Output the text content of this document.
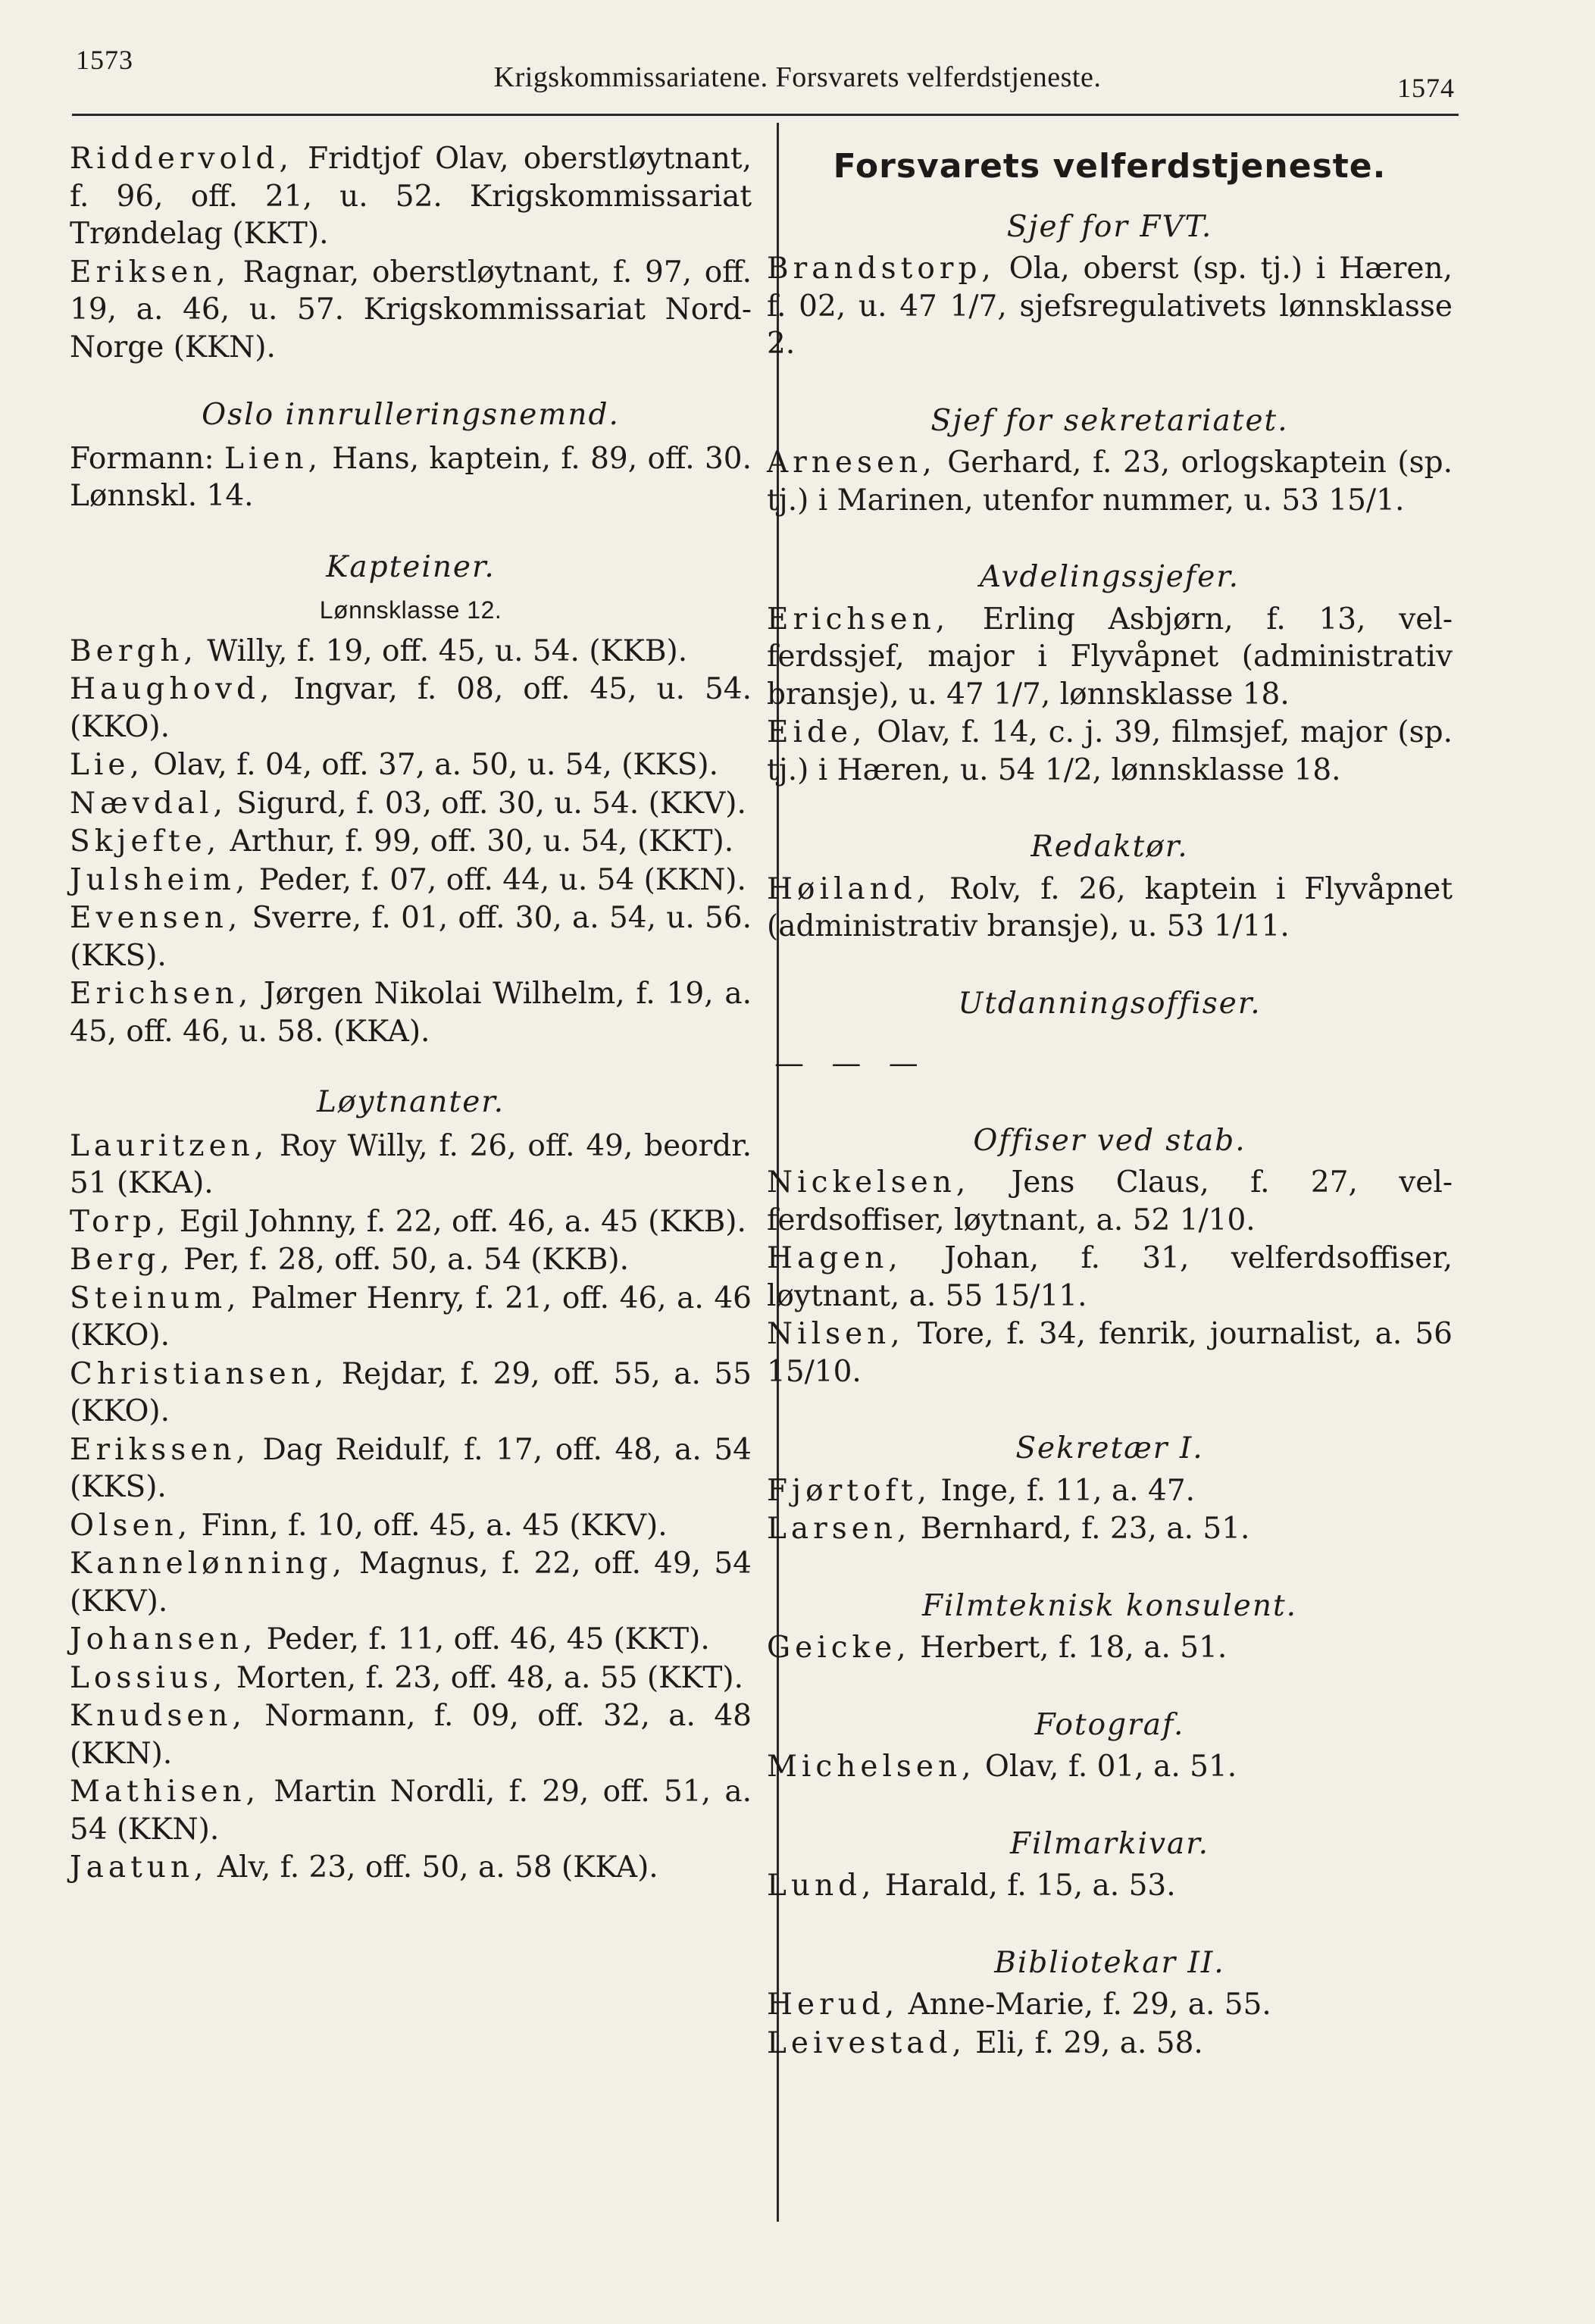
1573
Krigskommissariatene. Forsvarets velferdstjeneste.	1574
Riddervold, Fridtjof Olav, oberstløytnant, f. 96, off. 21, u. 52. Krigskommissariat Trøndelag (KKT).
Eriksen, Ragnar, oberstløytnant, f. 97, off. 19, a. 46, u. 57. Krigskommissariat Nord-Norge (KKN).
Oslo innrulleringsnemnd.
Formann: Lien, Hans, kaptein, f. 89, off. 30. Lønnskl. 14.
Kapteiner.
Lønnsklasse 12.
Bergh, Willy, f. 19, off. 45, u. 54. (KKB).
Haughovd, Ingvar, f. 08, off. 45, u. 54. (KKO).
Lie, Olav, f. 04, off. 37, a. 50, u. 54, (KKS).
Nævdal, Sigurd, f. 03, off. 30, u. 54. (KKV).
Skjefte, Arthur, f. 99, off. 30, u. 54, (KKT).
Julsheim, Peder, f. 07, off. 44, u. 54 (KKN).
Evensen, Sverre, f. 01, off. 30, a. 54, u. 56. (KKS).
Erichsen, Jørgen Nikolai Wilhelm, f. 19, a. 45, off. 46, u. 58. (KKA).
Løytnanter.
Lauritzen, Roy Willy, f. 26, off. 49, beordr. 51 (KKA).
Torp, Egil Johnny, f. 22, off. 46, a. 45 (KKB).
Berg, Per, f. 28, off. 50, a. 54 (KKB).
Steinum, Palmer Henry, f. 21, off. 46, a. 46 (KKO).
Christiansen, Rejdar, f. 29, off. 55, a. 55 (KKO).
Erikssen, Dag Reidulf, f. 17, off. 48, a. 54 (KKS).
Olsen, Finn, f. 10, off. 45, a. 45 (KKV).
Kannelønning, Magnus, f. 22, off. 49, 54 (KKV).
Johansen, Peder, f. 11, off. 46, 45 (KKT).
Lossius, Morten, f. 23, off. 48, a. 55 (KKT).
Knudsen, Normann, f. 09, off. 32, a. 48 (KKN).
Mathisen, Martin Nordli, f. 29, off. 51, a. 54 (KKN).
Jaatun, Alv, f. 23, off. 50, a. 58 (KKA).
Forsvarets velferdstjeneste.
Sjef for FVT.
Brandstorp, Ola, oberst (sp. tj.) i Hæren, f. 02, u. 47 1/7, sjefsregulativets lønnsklasse 2.
Sjef for sekretariatet.
Arnesen, Gerhard, f. 23, orlogskaptein (sp. tj.) i Marinen, utenfor nummer, u. 53 15/1.
Avdelingssjefer.
Erichsen, Erling Asbjørn, f. 13, velferdssjef, major i Flyvåpnet (administrativ bransje), u. 47 1/7, lønnsklasse 18.
Eide, Olav, f. 14, c. j. 39, filmsjef, major (sp. tj.) i Hæren, u. 54 1/2, lønnsklasse 18.
Redaktør.
Høiland, Rolv, f. 26, kaptein i Flyvåpnet (administrativ bransje), u. 53 1/11.
Utdanningsoffiser.
— — —
Offiser ved stab.
Nickelsen, Jens Claus, f. 27, velferdsoffiser, løytnant, a. 52 1/10.
Hagen, Johan, f. 31, velferdsoffiser, løytnant, a. 55 15/11.
Nilsen, Tore, f. 34, fenrik, journalist, a. 56 15/10.
Sekretær I.
Fjørtoft, Inge, f. 11, a. 47.
Larsen, Bernhard, f. 23, a. 51.
Filmteknisk konsulent.
Geicke, Herbert, f. 18, a. 51.
Fotograf.
Michelsen, Olav, f. 01, a. 51.
Filmarkivar.
Lund, Harald, f. 15, a. 53.
Bibliotekar II.
Herud, Anne-Marie, f. 29, a. 55.
Leivestad, Eli, f. 29, a. 58.
